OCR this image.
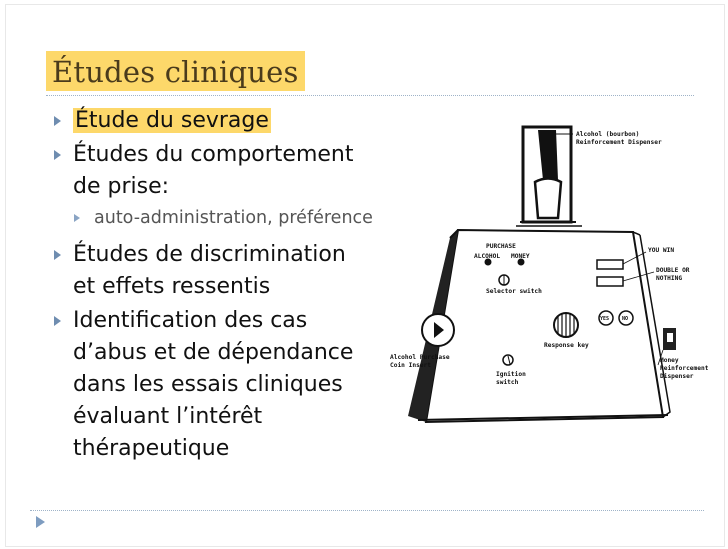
Études cliniques
Étude du sevrage
Études du comportement de prise:
auto-administration, préférence
Études de discrimination et effets ressentis
Identification des cas d’abus et de dépendance dans les essais cliniques évaluant l’intérêt thérapeutique
Alcohol (bourbon)
Reinforcement Dispenser
PURCHASE
ALCOHOL MONEY
Selector switch
YOU WIN
DOUBLE OR
NOTHING
YES	NO
Response key
Alcohol Purchase
Coin Insert
Ignition
switch
Money
Reinforcement
Dispenser
